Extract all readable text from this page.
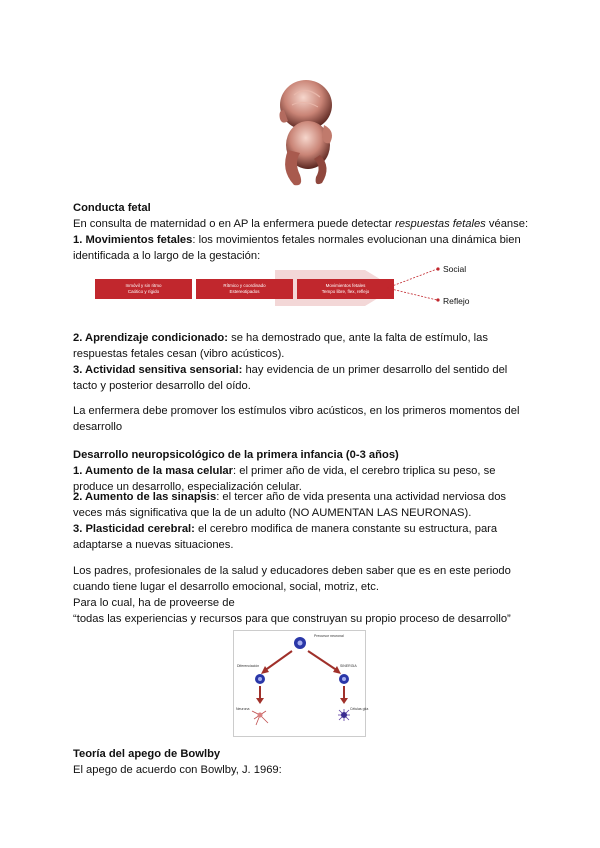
Conducta fetal

En consulta de maternidad o en AP la enfermera puede detectar respuestas fetales véanse:

1. Movimientos fetales: los movimientos fetales normales evolucionan una dinámica bien identificada a lo largo de la gestación:

Inmóvil y sin ritmo
Caótico y rígido
Rítmico y coordinado
Estereotipados
Movimientos fetales
Tempo libre, flex, reflejo
Social
Reflejo

2. Aprendizaje condicionado: se ha demostrado que, ante la falta de estímulo, las respuestas fetales cesan (vibro acústicos).

3. Actividad sensitiva sensorial: hay evidencia de un primer desarrollo del sentido del tacto y posterior desarrollo del oído.

La enfermera debe promover los estímulos vibro acústicos, en los primeros momentos del desarrollo

Desarrollo neuropsicológico de la primera infancia (0-3 años)

1. Aumento de la masa celular: el primer año de vida, el cerebro triplica su peso, se produce un desarrollo, especialización celular.

2. Aumento de las sinapsis: el tercer año de vida presenta una actividad nerviosa dos veces más significativa que la de un adulto (NO AUMENTAN LAS NEURONAS).

3. Plasticidad cerebral: el cerebro modifica de manera constante su estructura, para adaptarse a nuevas situaciones.

Los padres, profesionales de la salud y educadores deben saber que es en este periodo cuando tiene lugar el desarrollo emocional, social, motriz, etc.

Para lo cual, ha de proveerse de

“todas las experiencias y recursos para que construyan su propio proceso de desarrollo”

Precursor neuronal
Diferenciación	SINERGIA
Neurona	Células glía

Teoría del apego de Bowlby

El apego de acuerdo con Bowlby, J. 1969:
